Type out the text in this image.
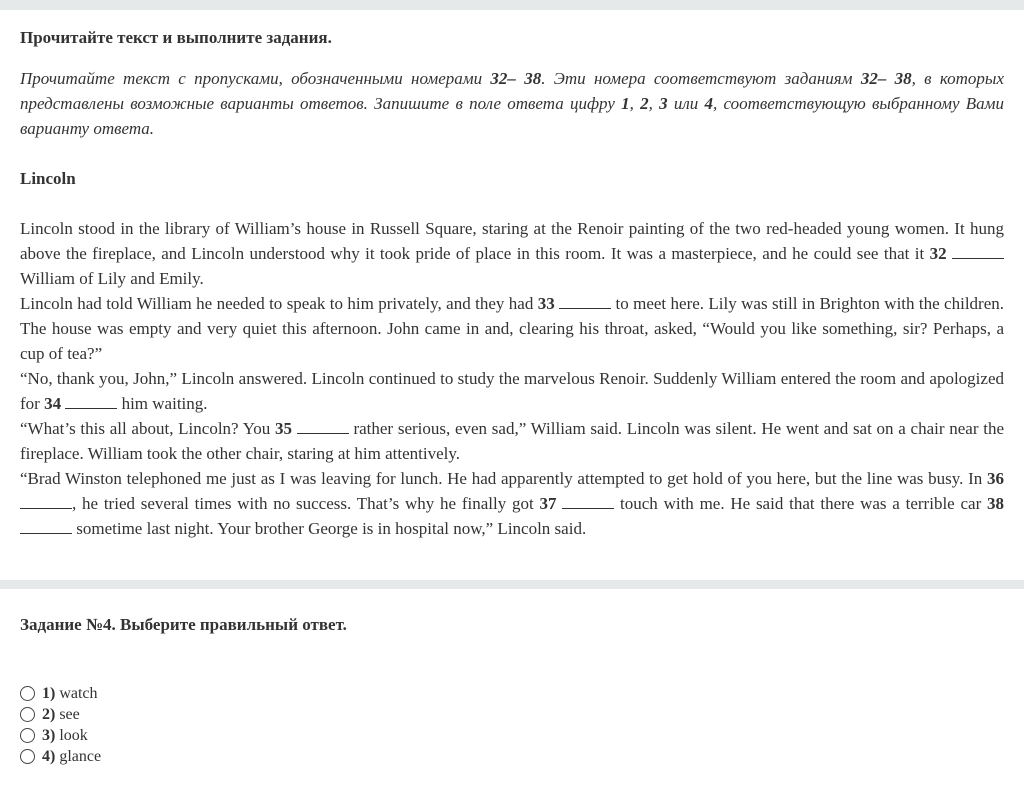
Прочитайте текст и выполните задания.

Прочитайте текст с пропусками, обозначенными номерами 32– 38. Эти номера соответствуют заданиям 32– 38, в которых представлены возможные варианты ответов. Запишите в поле ответа цифру 1, 2, 3 или 4, соответствующую выбранному Вами варианту ответа.

Lincoln

Lincoln stood in the library of William’s house in Russell Square, staring at the Renoir painting of the two red-headed young women. It hung above the fireplace, and Lincoln understood why it took pride of place in this room. It was a masterpiece, and he could see that it 32  William of Lily and Emily.

Lincoln had told William he needed to speak to him privately, and they had 33	to meet here. Lily was still in Brighton with the children. The house was empty and very quiet this afternoon. John came in and, clearing his throat, asked, “Would you like something, sir? Perhaps, a cup of tea?”

“No, thank you, John,” Lincoln answered. Lincoln continued to study the marvelous Renoir. Suddenly William entered the room and apologized for 34	him waiting.

“What’s this all about, Lincoln? You 35	rather serious, even sad,” William said. Lincoln was silent. He went and sat on a chair near the fireplace. William took the other chair, staring at him attentively.

“Brad Winston telephoned me just as I was leaving for lunch. He had apparently attempted to get hold of you here, but the line was busy. In 36 , he tried several times with no success. That’s why he finally got 37	touch with me. He said that there was a terrible car 38  sometime last night. Your brother George is in hospital now,” Lincoln said.

Задание №4. Выберите правильный ответ.

1) watch
2) see
3) look
4) glance
